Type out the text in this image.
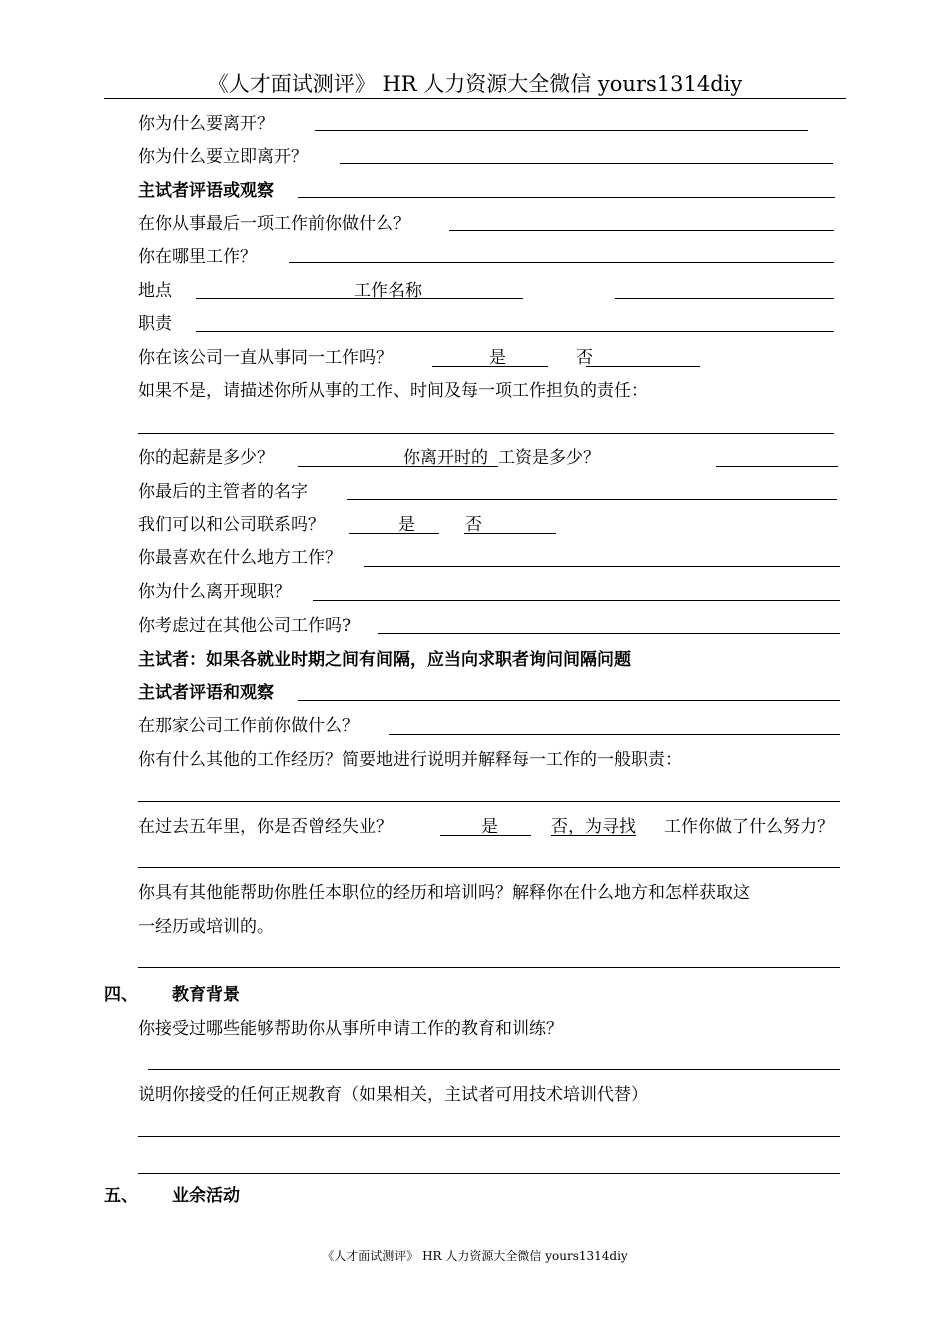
《人才面试测评》 HR 人力资源大全微信 yours1314diy
你为什么要离开？
你为什么要立即离开？
主试者评语或观察
在你从事最后一项工作前你做什么？
你在哪里工作？
地点	工作名称
职责
你在该公司一直从事同一工作吗？	是	否
如果不是，请描述你所从事的工作、时间及每一项工作担负的责任：
你的起薪是多少？	你离开时的 工资是多少？
你最后的主管者的名字
我们可以和公司联系吗？	是	否
你最喜欢在什么地方工作？
你为什么离开现职？
你考虑过在其他公司工作吗?
主试者：如果各就业时期之间有间隔，应当向求职者询问间隔问题
主试者评语和观察
在那家公司工作前你做什么？
你有什么其他的工作经历？简要地进行说明并解释每一工作的一般职责：
在过去五年里，你是否曾经失业？	是	否，为寻找 工作你做了什么努力？
你具有其他能帮助你胜任本职位的经历和培训吗？解释你在什么地方和怎样获取这
一经历或培训的。
四、 教育背景
你接受过哪些能够帮助你从事所申请工作的教育和训练？
说明你接受的任何正规教育（如果相关，主试者可用技术培训代替）
五、 业余活动
《人才面试测评》 HR 人力资源大全微信 yours1314diy
